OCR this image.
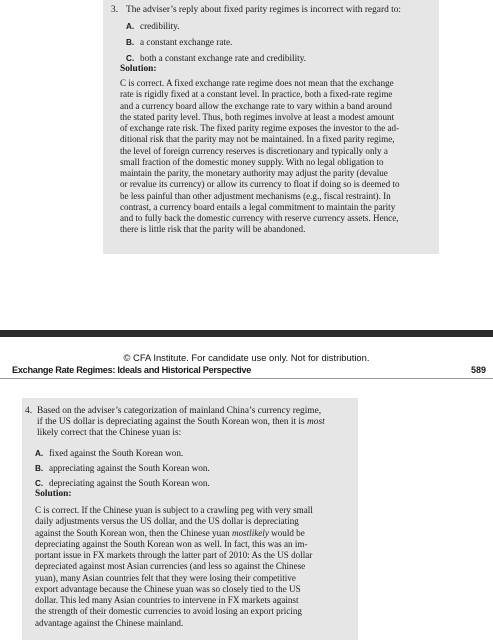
3. The adviser’s reply about fixed parity regimes is incorrect with regard to:
A. credibility.
B. a constant exchange rate.
C. both a constant exchange rate and credibility.
Solution:

C is correct. A fixed exchange rate regime does not mean that the exchange

rate is rigidly fixed at a constant level. In practice, both a fixed-rate regime

and a currency board allow the exchange rate to vary within a band around

the stated parity level. Thus, both regimes involve at least a modest amount

of exchange rate risk. The fixed parity regime exposes the investor to the ad-

ditional risk that the parity may not be maintained. In a fixed parity regime,

the level of foreign currency reserves is discretionary and typically only a

small fraction of the domestic money supply. With no legal obligation to

maintain the parity, the monetary authority may adjust the parity (devalue

or revalue its currency) or allow its currency to float if doing so is deemed to

be less painful than other adjustment mechanisms (e.g., fiscal restraint). In

contrast, a currency board entails a legal commitment to maintain the parity

and to fully back the domestic currency with reserve currency assets. Hence,

there is little risk that the parity will be abandoned.

© CFA Institute. For candidate use only. Not for distribution.
Exchange Rate Regimes: Ideals and Historical Perspective	589
4. Based on the adviser’s categorization of mainland China’s currency regime,
if the US dollar is depreciating against the South Korean won, then it is most
likely correct that the Chinese yuan is:
A. fixed against the South Korean won.
B. appreciating against the South Korean won.
C. depreciating against the South Korean won.
Solution:

C is correct. If the Chinese yuan is subject to a crawling peg with very small

daily adjustments versus the US dollar, and the US dollar is depreciating

against the South Korean won, then the Chinese yuan mostlikely would be

depreciating against the South Korean won as well. In fact, this was an im-

portant issue in FX markets through the latter part of 2010: As the US dollar

depreciated against most Asian currencies (and less so against the Chinese

yuan), many Asian countries felt that they were losing their competitive

export advantage because the Chinese yuan was so closely tied to the US

dollar. This led many Asian countries to intervene in FX markets against

the strength of their domestic currencies to avoid losing an export pricing

advantage against the Chinese mainland.
